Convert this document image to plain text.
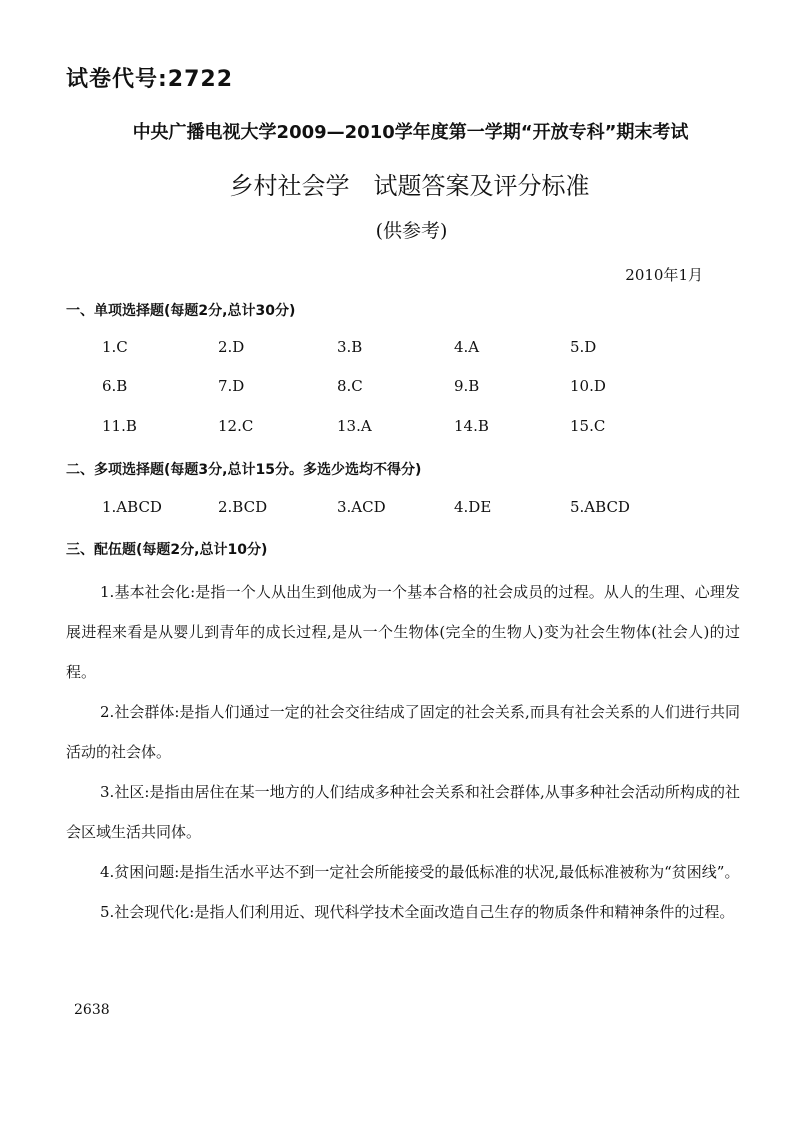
试卷代号:2722
中央广播电视大学2009—2010学年度第一学期“开放专科”期末考试
乡村社会学　试题答案及评分标准
(供参考)
2010年1月
一、单项选择题(每题2分,总计30分)
1.C	2.D	3.B	4.A	5.D
6.B	7.D	8.C	9.B	10.D
11.B	12.C	13.A	14.B	15.C
二、多项选择题(每题3分,总计15分。多选少选均不得分)
1.ABCD	2.BCD	3.ACD	4.DE	5.ABCD
三、配伍题(每题2分,总计10分)

1.基本社会化:是指一个人从出生到他成为一个基本合格的社会成员的过程。从人的生理、心理发展进程来看是从婴儿到青年的成长过程,是从一个生物体(完全的生物人)变为社会生物体(社会人)的过程。

2.社会群体:是指人们通过一定的社会交往结成了固定的社会关系,而具有社会关系的人们进行共同活动的社会体。

3.社区:是指由居住在某一地方的人们结成多种社会关系和社会群体,从事多种社会活动所构成的社会区域生活共同体。

4.贫困问题:是指生活水平达不到一定社会所能接受的最低标准的状况,最低标准被称为“贫困线”。

5.社会现代化:是指人们利用近、现代科学技术全面改造自己生存的物质条件和精神条件的过程。

2638
